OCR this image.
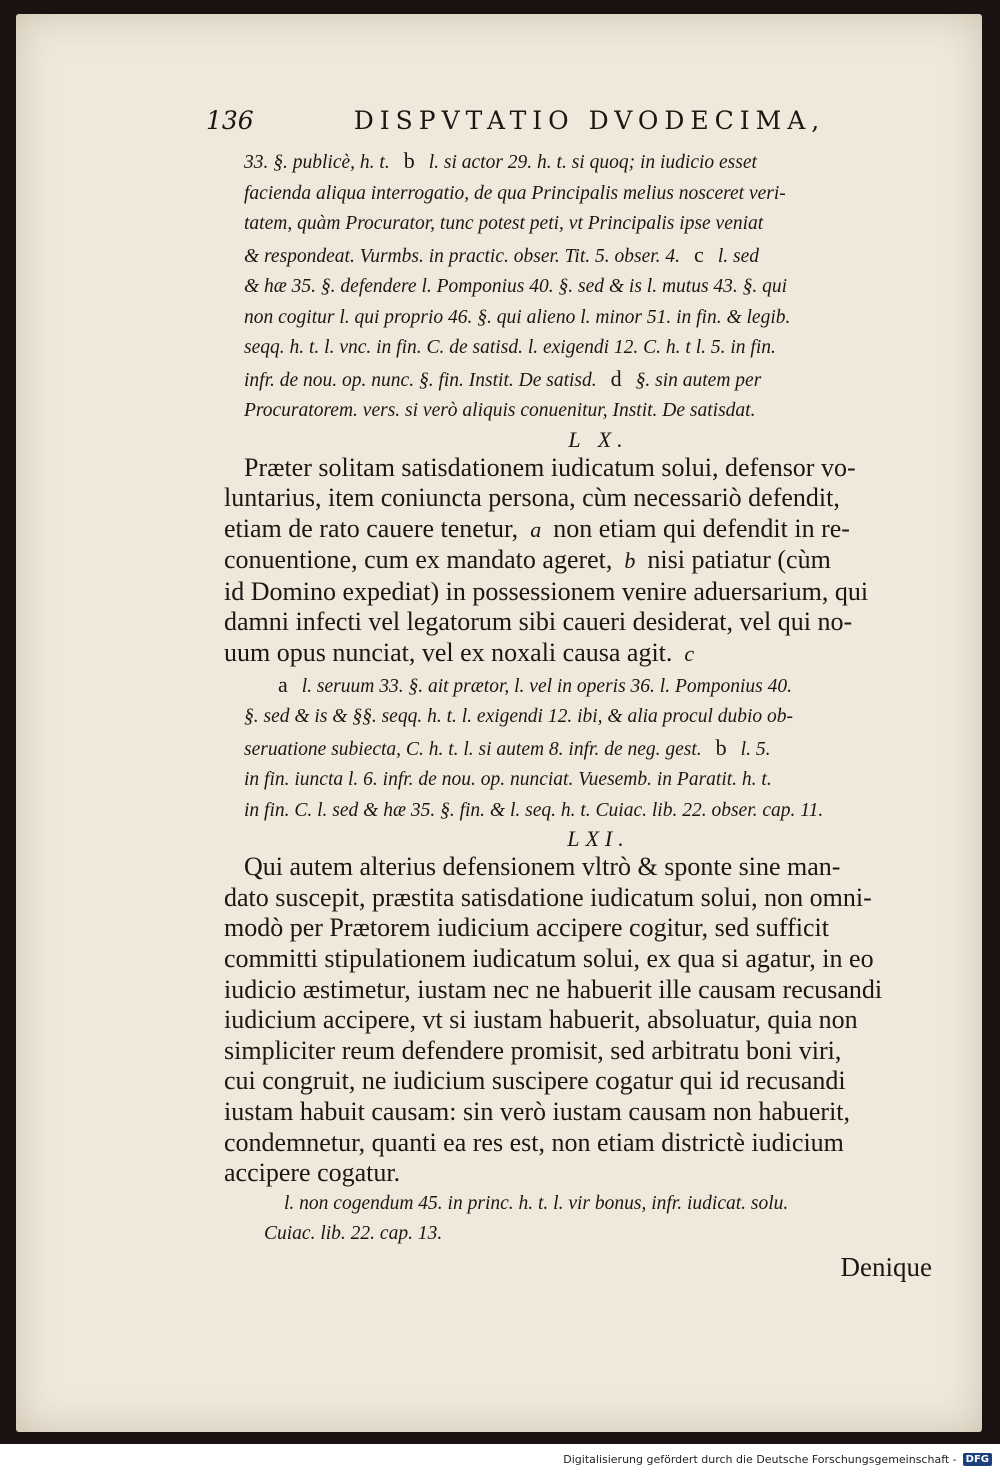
136	DISPVTATIO DVODECIMA,
33. §. publicè, h. t. b l. si actor 29. h. t. si quoq; in iudicio esset
facienda aliqua interrogatio, de qua Principalis melius nosceret veri-
tatem, quàm Procurator, tunc potest peti, vt Principalis ipse veniat
& respondeat. Vurmbs. in practic. obser. Tit. 5. obser. 4. c l. sed
& hæ 35. §. defendere l. Pomponius 40. §. sed & is l. mutus 43. §. qui
non cogitur l. qui proprio 46. §. qui alieno l. minor 51. in fin. & legib.
seqq. h. t. l. vnc. in fin. C. de satisd. l. exigendi 12. C. h. t l. 5. in fin.
infr. de nou. op. nunc. §. fin. Instit. De satisd. d §. sin autem per
Procuratorem. vers. si verò aliquis conuenitur, Instit. De satisdat.
L X.
Præter solitam satisdationem iudicatum solui, defensor vo-
luntarius, item coniuncta persona, cùm necessariò defendit,
etiam de rato cauere tenetur, a non etiam qui defendit in re-
conuentione, cum ex mandato ageret, b nisi patiatur (cùm
id Domino expediat) in possessionem venire aduersarium, qui
damni infecti vel legatorum sibi caueri desiderat, vel qui no-
uum opus nunciat, vel ex noxali causa agit. c
a l. seruum 33. §. ait prætor, l. vel in operis 36. l. Pomponius 40.
§. sed & is & §§. seqq. h. t. l. exigendi 12. ibi, & alia procul dubio ob-
seruatione subiecta, C. h. t. l. si autem 8. infr. de neg. gest. b l. 5.
in fin. iuncta l. 6. infr. de nou. op. nunciat. Vuesemb. in Paratit. h. t.
in fin. C. l. sed & hæ 35. §. fin. & l. seq. h. t. Cuiac. lib. 22. obser. cap. 11.
LXI.
Qui autem alterius defensionem vltrò & sponte sine man-
dato suscepit, præstita satisdatione iudicatum solui, non omni-
modò per Prætorem iudicium accipere cogitur, sed sufficit
committi stipulationem iudicatum solui, ex qua si agatur, in eo
iudicio æstimetur, iustam nec ne habuerit ille causam recusandi
iudicium accipere, vt si iustam habuerit, absoluatur, quia non
simpliciter reum defendere promisit, sed arbitratu boni viri,
cui congruit, ne iudicium suscipere cogatur qui id recusandi
iustam habuit causam: sin verò iustam causam non habuerit,
condemnetur, quanti ea res est, non etiam districtè iudicium
accipere cogatur.
l. non cogendum 45. in princ. h. t. l. vir bonus, infr. iudicat. solu.
Cuiac. lib. 22. cap. 13.
Denique
Digitalisierung gefördert durch die Deutsche Forschungsgemeinschaft - DFG
